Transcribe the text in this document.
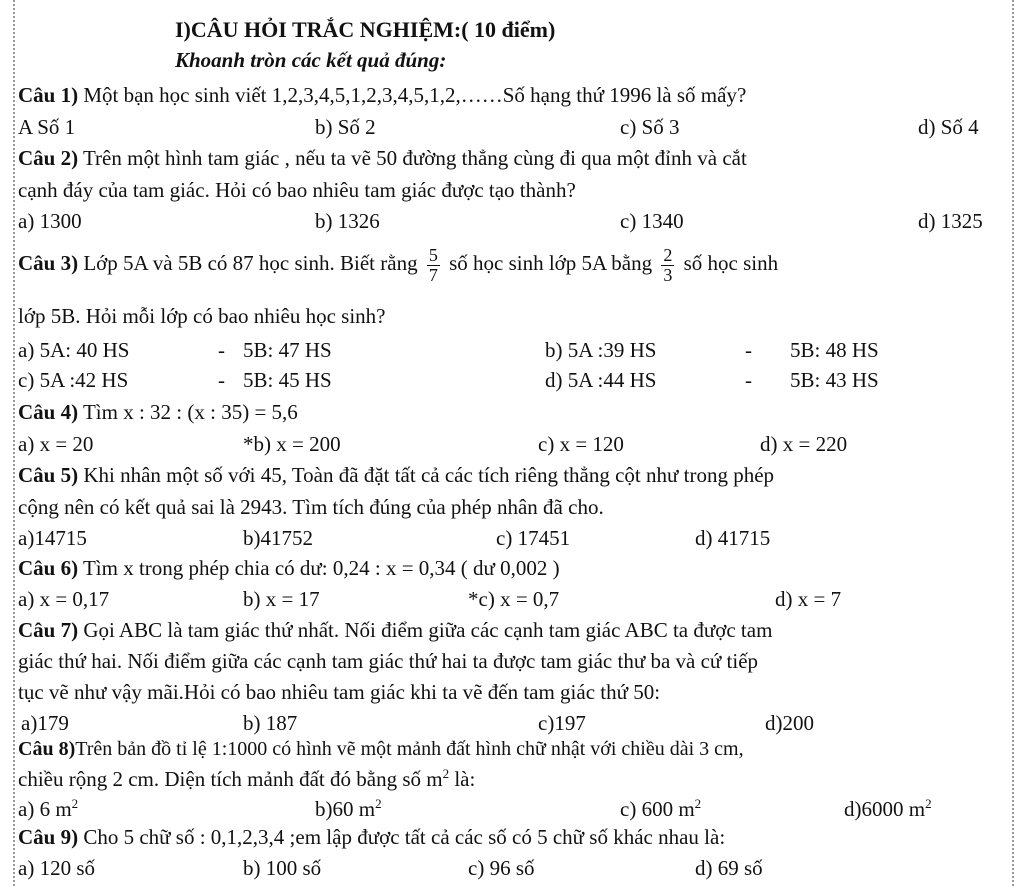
I)CÂU HỎI TRẮC NGHIỆM:( 10 điểm)
Khoanh tròn các kết quả đúng:
Câu 1) Một bạn học sinh viết 1,2,3,4,5,1,2,3,4,5,1,2,……Số hạng thứ 1996 là số mấy?
A Số 1	b) Số 2	c) Số 3	d) Số 4
Câu 2) Trên một hình tam giác , nếu ta vẽ 50 đường thẳng cùng đi qua một đỉnh và cắt
cạnh đáy của tam giác. Hỏi có bao nhiêu tam giác được tạo thành?
a) 1300	b) 1326	c) 1340	d) 1325
Câu 3) Lớp 5A và 5B có 87 học sinh. Biết rằng $\frac{5}{7}$ số học sinh lớp 5A bằng $\frac{2}{3}$ số học sinh
lớp 5B. Hỏi mỗi lớp có bao nhiêu học sinh?
a) 5A: 40 HS	- 5B: 47 HS	b) 5A :39 HS	- 5B: 48 HS
c) 5A :42 HS	- 5B: 45 HS	d) 5A :44 HS	- 5B: 43 HS
Câu 4) Tìm x : 32 : (x : 35) = 5,6
a) x = 20	*b) x = 200	c) x = 120	d) x = 220
Câu 5) Khi nhân một số với 45, Toàn đã đặt tất cả các tích riêng thẳng cột như trong phép
cộng nên có kết quả sai là 2943. Tìm tích đúng của phép nhân đã cho.
a)14715	b)41752	c) 17451	d) 41715
Câu 6) Tìm x trong phép chia có dư: 0,24 : x = 0,34 ( dư 0,002 )
a) x = 0,17	b) x = 17	*c) x = 0,7	d) x = 7
Câu 7) Gọi ABC là tam giác thứ nhất. Nối điểm giữa các cạnh tam giác ABC ta được tam
giác thứ hai. Nối điểm giữa các cạnh tam giác thứ hai ta được tam giác thư ba và cứ tiếp
tục vẽ như vậy mãi.Hỏi có bao nhiêu tam giác khi ta vẽ đến tam giác thứ 50:
a)179	b) 187	c)197	d)200
Câu 8)Trên bản đồ tỉ lệ 1:1000 có hình vẽ một mảnh đất hình chữ nhật với chiều dài 3 cm,
chiều rộng 2 cm. Diện tích mảnh đất đó bằng số $m^2$ là:
a) 6 $m^2$	b)60 $m^2$	c) 600 $m^2$	d)6000 $m^2$
Câu 9) Cho 5 chữ số : 0,1,2,3,4 ;em lập được tất cả các số có 5 chữ số khác nhau là:
a) 120 số	b) 100 số	c) 96 số	d) 69 số
